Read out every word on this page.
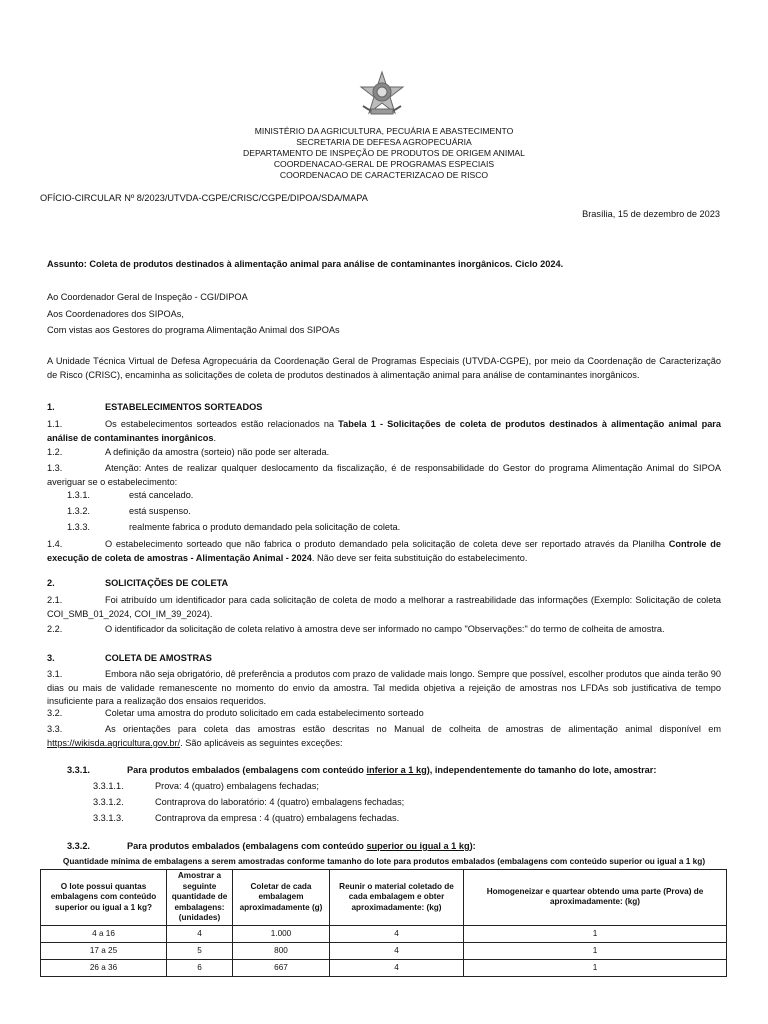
MINISTÉRIO DA AGRICULTURA, PECUÁRIA E ABASTECIMENTO
SECRETARIA DE DEFESA AGROPECUÁRIA
DEPARTAMENTO DE INSPEÇÃO DE PRODUTOS DE ORIGEM ANIMAL
COORDENACAO-GERAL DE PROGRAMAS ESPECIAIS
COORDENACAO DE CARACTERIZACAO DE RISCO
OFÍCIO-CIRCULAR Nº 8/2023/UTVDA-CGPE/CRISC/CGPE/DIPOA/SDA/MAPA
Brasília, 15 de dezembro de 2023
Assunto: Coleta de produtos destinados à alimentação animal para análise de contaminantes inorgânicos. Ciclo 2024.
Ao Coordenador Geral de Inspeção - CGI/DIPOA
Aos Coordenadores dos SIPOAs,
Com vistas aos Gestores do programa Alimentação Animal dos SIPOAs
A Unidade Técnica Virtual de Defesa Agropecuária da Coordenação Geral de Programas Especiais (UTVDA-CGPE), por meio da Coordenação de Caracterização de Risco (CRISC), encaminha as solicitações de coleta de produtos destinados à alimentação animal para análise de contaminantes inorgânicos.
1.	ESTABELECIMENTOS SORTEADOS
1.1.	Os estabelecimentos sorteados estão relacionados na Tabela 1 - Solicitações de coleta de produtos destinados à alimentação animal para análise de contaminantes inorgânicos.
1.2.	A definição da amostra (sorteio) não pode ser alterada.
1.3.	Atenção: Antes de realizar qualquer deslocamento da fiscalização, é de responsabilidade do Gestor do programa Alimentação Animal do SIPOA averiguar se o estabelecimento:
1.3.1.	está cancelado.
1.3.2.	está suspenso.
1.3.3.	realmente fabrica o produto demandado pela solicitação de coleta.
1.4.	O estabelecimento sorteado que não fabrica o produto demandado pela solicitação de coleta deve ser reportado através da Planilha Controle de execução de coleta de amostras - Alimentação Animal - 2024. Não deve ser feita substituição do estabelecimento.
2.	SOLICITAÇÕES DE COLETA
2.1.	Foi atribuído um identificador para cada solicitação de coleta de modo a melhorar a rastreabilidade das informações (Exemplo: Solicitação de coleta COI_SMB_01_2024, COI_IM_39_2024).
2.2.	O identificador da solicitação de coleta relativo à amostra deve ser informado no campo "Observações:" do termo de colheita de amostra.
3.	COLETA DE AMOSTRAS
3.1.	Embora não seja obrigatório, dê preferência a produtos com prazo de validade mais longo. Sempre que possível, escolher produtos que ainda terão 90 dias ou mais de validade remanescente no momento do envio da amostra. Tal medida objetiva a rejeição de amostras nos LFDAs sob justificativa de tempo insuficiente para a realização dos ensaios requeridos.
3.2.	Coletar uma amostra do produto solicitado em cada estabelecimento sorteado
3.3.	As orientações para coleta das amostras estão descritas no Manual de colheita de amostras de alimentação animal disponível em https://wikisda.agricultura.gov.br/. São aplicáveis as seguintes exceções:
3.3.1.	Para produtos embalados (embalagens com conteúdo inferior a 1 kg), independentemente do tamanho do lote, amostrar:
3.3.1.1.	Prova: 4 (quatro) embalagens fechadas;
3.3.1.2.	Contraprova do laboratório: 4 (quatro) embalagens fechadas;
3.3.1.3.	Contraprova da empresa : 4 (quatro) embalagens fechadas.
3.3.2.	Para produtos embalados (embalagens com conteúdo superior ou igual a 1 kg):
Quantidade mínima de embalagens a serem amostradas conforme tamanho do lote para produtos embalados (embalagens com conteúdo superior ou igual a 1 kg)
O lote possui quantas embalagens com conteúdo superior ou igual a 1 kg?	Amostrar a seguinte quantidade de embalagens: (unidades)	Coletar de cada embalagem aproximadamente (g)	Reunir o material coletado de cada embalagem e obter aproximadamente: (kg)	Homogeneizar e quartear obtendo uma parte (Prova) de aproximadamente: (kg)
4 a 16	4	1.000	4	1
17 a 25	5	800	4	1
26 a 36	6	667	4	1
